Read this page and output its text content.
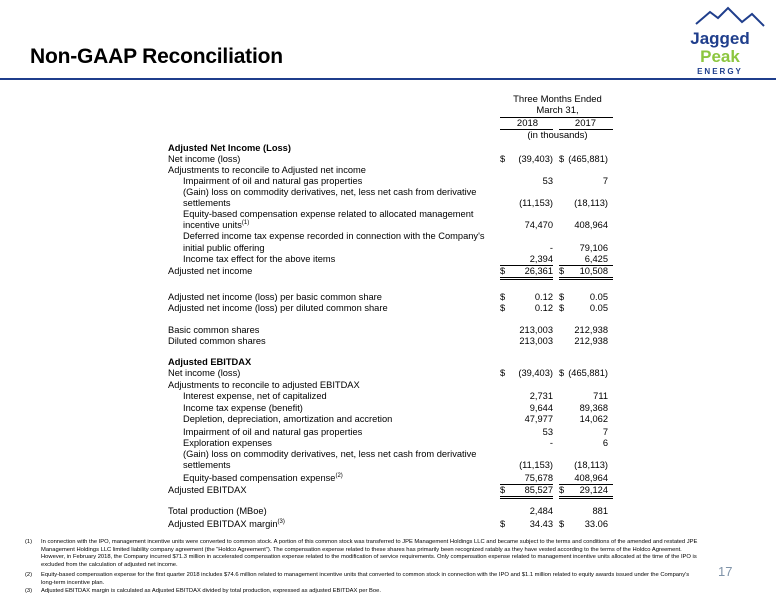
Non-GAAP Reconciliation
Jagged
Peak
ENERGY
Three Months Ended
March 31,
2018	2017
(in thousands)
Adjusted Net Income (Loss)
Net income (loss)	$	(39,403) $ (465,881)
Adjustments to reconcile to Adjusted net income
Impairment of oil and natural gas properties	53	7
(Gain) loss on commodity derivatives, net, less net cash from derivative
settlements	(11,153)	(18,113)
Equity-based compensation expense related to allocated management
incentive units$^{(1)}$	74,470	408,964
Deferred income tax expense recorded in connection with the Company's
initial public offering	-	79,106
Income tax effect for the above items	2,394	6,425
Adjusted net income	$	26,361 $	10,508
Adjusted net income (loss) per basic common share	$	0.12 $	0.05
Adjusted net income (loss) per diluted common share	$	0.12 $	0.05
Basic common shares	213,003	212,938
Diluted common shares	213,003	212,938
Adjusted EBITDAX
Net income (loss)	$	(39,403) $ (465,881)
Adjustments to reconcile to adjusted EBITDAX
Interest expense, net of capitalized	2,731	711
Income tax expense (benefit)	9,644	89,368
Depletion, depreciation, amortization and accretion	47,977	14,062
Impairment of oil and natural gas properties	53	7
Exploration expenses	-	6
(Gain) loss on commodity derivatives, net, less net cash from derivative
settlements	(11,153)	(18,113)
Equity-based compensation expense$^{(2)}$	75,678	408,964
Adjusted EBITDAX	$	85,527 $	29,124
Total production (MBoe)	2,484	881
Adjusted EBITDAX margin$^{(3)}$	$	34.43 $	33.06
(1) In connection with the IPO, management incentive units were converted to common stock. A portion of this common stock was transferred to JPE Management Holdings LLC and became subject to the terms and conditions of the amended and restated JPE Management Holdings LLC limited liability company agreement (the “Holdco Agreement”). The compensation expense related to these shares has primarily been recognized ratably as they have vested according to the terms of the Holdco Agreement. However, in February 2018, the Company incurred $71.3 million in accelerated compensation expense related to the modification of service requirements. Only compensation expense related to management incentive units allocated at the time of the IPO is excluded from the calculation of adjusted net income.
(2) Equity-based compensation expense for the first quarter 2018 includes $74.6 million related to management incentive units that converted to common stock in connection with the IPO and $1.1 million related to equity awards issued under the Company's long-term incentive plan.
(3) Adjusted EBITDAX margin is calculated as Adjusted EBITDAX divided by total production, expressed as adjusted EBITDAX per Boe.
17
